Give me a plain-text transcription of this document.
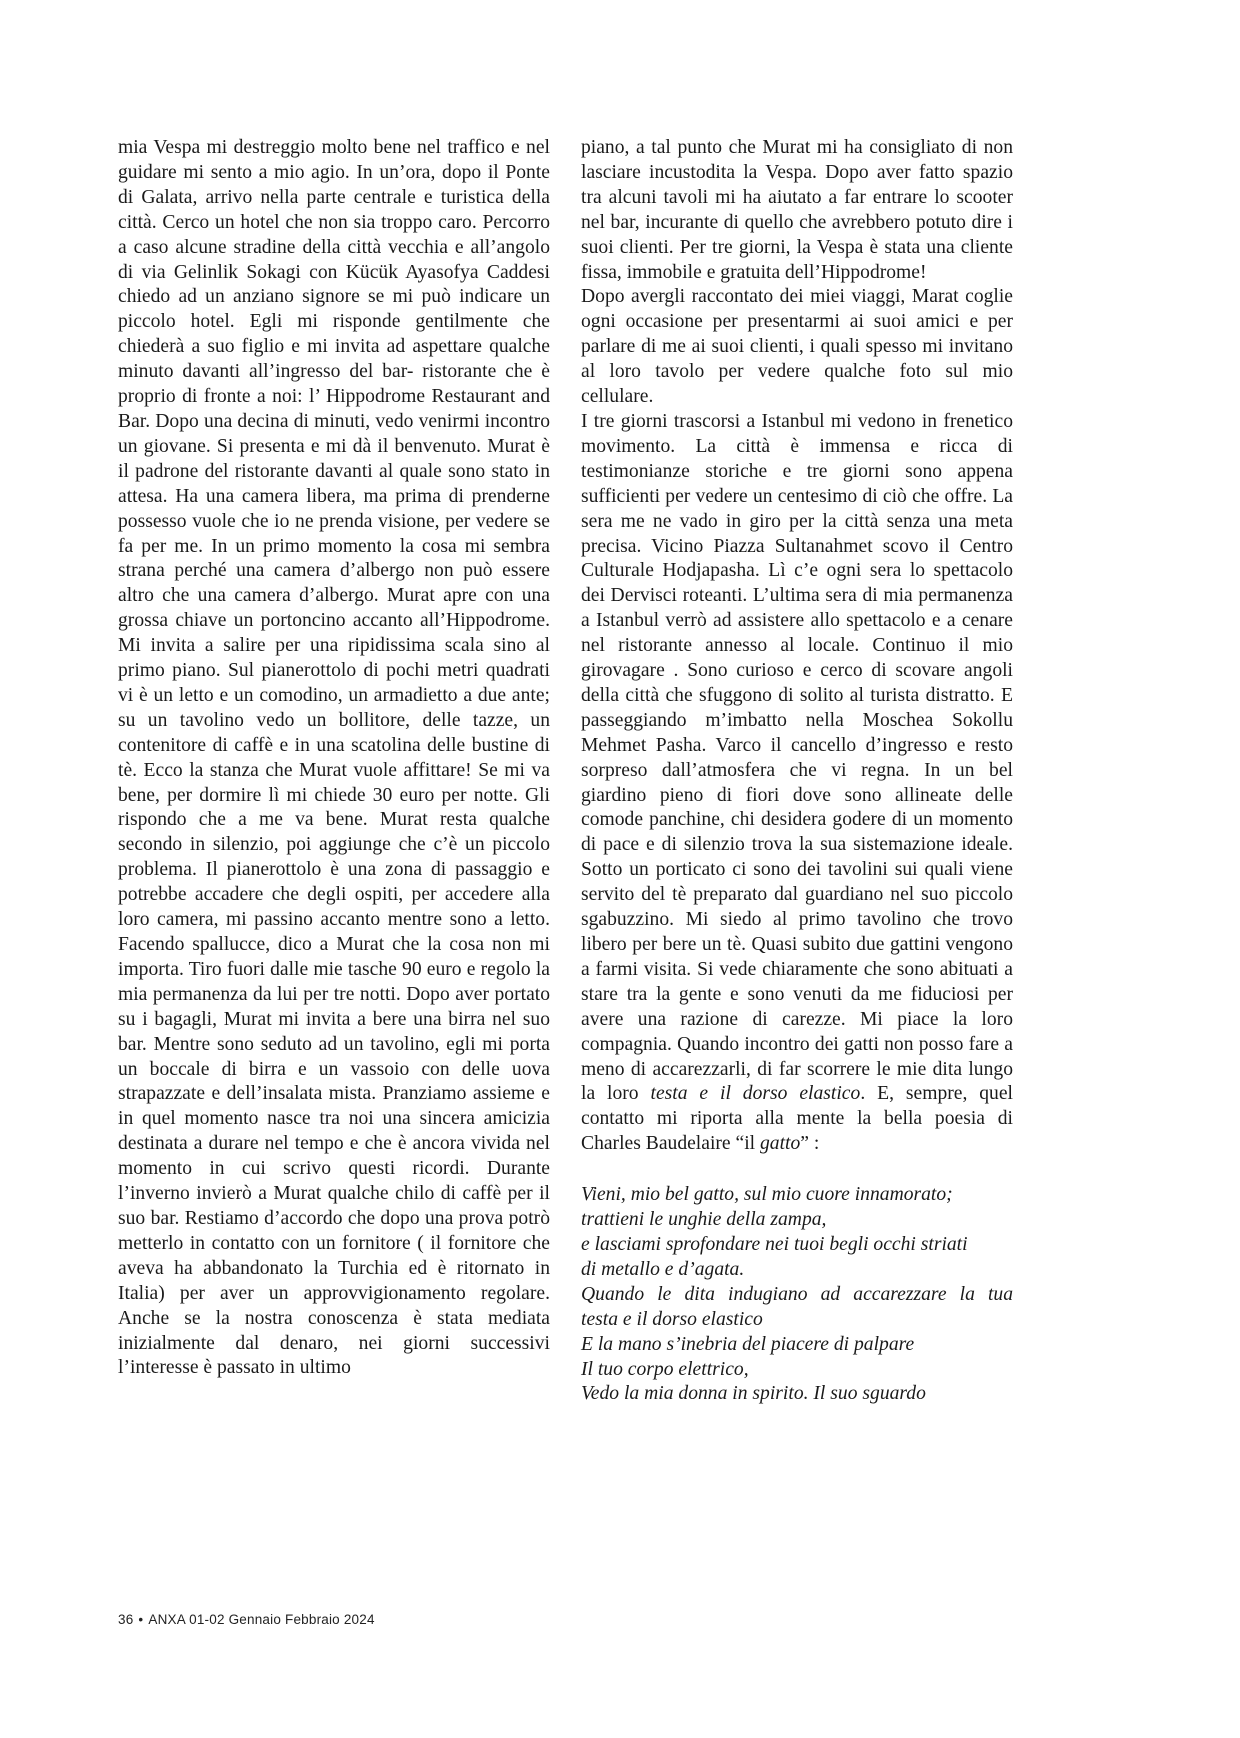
mia Vespa mi destreggio molto bene nel traffico e nel guidare mi sento a mio agio. In un’ora, dopo il Ponte di Galata, arrivo nella parte centrale e turistica della città. Cerco un hotel che non sia troppo caro. Percorro a caso alcune stradine della città vecchia e all’angolo di via Gelinlik Sokagi con Kücük Ayasofya Caddesi chiedo ad un anziano signore se mi può indicare un piccolo hotel. Egli mi risponde gentilmente che chiederà a suo figlio e mi invita ad aspettare qualche minuto davanti all’ingresso del bar- ristorante che è proprio di fronte a noi: l’ Hippodrome Restaurant and Bar. Dopo una decina di minuti, vedo venirmi incontro un giovane. Si presenta e mi dà il benvenuto. Murat è il padrone del ristorante davanti al quale sono stato in attesa. Ha una camera libera, ma prima di prenderne possesso vuole che io ne prenda visione, per vedere se fa per me. In un primo momento la cosa mi sembra strana perché una camera d’albergo non può essere altro che una camera d’albergo. Murat apre con una grossa chiave un portoncino accanto all’Hippodrome. Mi invita a salire per una ripidissima scala sino al primo piano. Sul pianerottolo di pochi metri quadrati vi è un letto e un comodino, un armadietto a due ante; su un tavolino vedo un bollitore, delle tazze, un contenitore di caffè e in una scatolina delle bustine di tè. Ecco la stanza che Murat vuole affittare! Se mi va bene, per dormire lì mi chiede 30 euro per notte. Gli rispondo che a me va bene. Murat resta qualche secondo in silenzio, poi aggiunge che c’è un piccolo problema. Il pianerottolo è una zona di passaggio e potrebbe accadere che degli ospiti, per accedere alla loro camera, mi passino accanto mentre sono a letto. Facendo spallucce, dico a Murat che la cosa non mi importa. Tiro fuori dalle mie tasche 90 euro e regolo la mia permanenza da lui per tre notti. Dopo aver portato su i bagagli, Murat mi invita a bere una birra nel suo bar. Mentre sono seduto ad un tavolino, egli mi porta un boccale di birra e un vassoio con delle uova strapazzate e dell’insalata mista. Pranziamo assieme e in quel momento nasce tra noi una sincera amicizia destinata a durare nel tempo e che è ancora vivida nel momento in cui scrivo questi ricordi. Durante l’inverno invierò a Murat qualche chilo di caffè per il suo bar. Restiamo d’accordo che dopo una prova potrò metterlo in contatto con un fornitore ( il fornitore che aveva ha abbandonato la Turchia ed è ritornato in Italia) per aver un approvvigionamento regolare. Anche se la nostra conoscenza è stata mediata inizialmente dal denaro, nei giorni successivi l’interesse è passato in ultimo

piano, a tal punto che Murat mi ha consigliato di non lasciare incustodita la Vespa. Dopo aver fatto spazio tra alcuni tavoli mi ha aiutato a far entrare lo scooter nel bar, incurante di quello che avrebbero potuto dire i suoi clienti. Per tre giorni, la Vespa è stata una cliente fissa, immobile e gratuita dell’Hippodrome!

Dopo avergli raccontato dei miei viaggi, Marat coglie ogni occasione per presentarmi ai suoi amici e per parlare di me ai suoi clienti, i quali spesso mi invitano al loro tavolo per vedere qualche foto sul mio cellulare.

I tre giorni trascorsi a Istanbul mi vedono in frenetico movimento. La città è immensa e ricca di testimonianze storiche e tre giorni sono appena sufficienti per vedere un centesimo di ciò che offre. La sera me ne vado in giro per la città senza una meta precisa. Vicino Piazza Sultanahmet scovo il Centro Culturale Hodjapasha. Lì c’e ogni sera lo spettacolo dei Dervisci roteanti. L’ultima sera di mia permanenza a Istanbul verrò ad assistere allo spettacolo e a cenare nel ristorante annesso al locale. Continuo il mio girovagare . Sono curioso e cerco di scovare angoli della città che sfuggono di solito al turista distratto. E passeggiando m’imbatto nella Moschea Sokollu Mehmet Pasha. Varco il cancello d’ingresso e resto sorpreso dall’atmosfera che vi regna. In un bel giardino pieno di fiori dove sono allineate delle comode panchine, chi desidera godere di un momento di pace e di silenzio trova la sua sistemazione ideale. Sotto un porticato ci sono dei tavolini sui quali viene servito del tè preparato dal guardiano nel suo piccolo sgabuzzino. Mi siedo al primo tavolino che trovo libero per bere un tè. Quasi subito due gattini vengono a farmi visita. Si vede chiaramente che sono abituati a stare tra la gente e sono venuti da me fiduciosi per avere una razione di carezze. Mi piace la loro compagnia. Quando incontro dei gatti non posso fare a meno di accarezzarli, di far scorrere le mie dita lungo la loro testa e il dorso elastico. E, sempre, quel contatto mi riporta alla mente la bella poesia di Charles Baudelaire “il gatto” :

Vieni, mio bel gatto, sul mio cuore innamorato;
trattieni le unghie della zampa,
e lasciami sprofondare nei tuoi begli occhi striati
di metallo e d’agata.
Quando le dita indugiano ad accarezzare la tua
testa e il dorso elastico
E la mano s’inebria del piacere di palpare
Il tuo corpo elettrico,
Vedo la mia donna in spirito. Il suo sguardo
36 • ANXA 01-02 Gennaio Febbraio 2024
